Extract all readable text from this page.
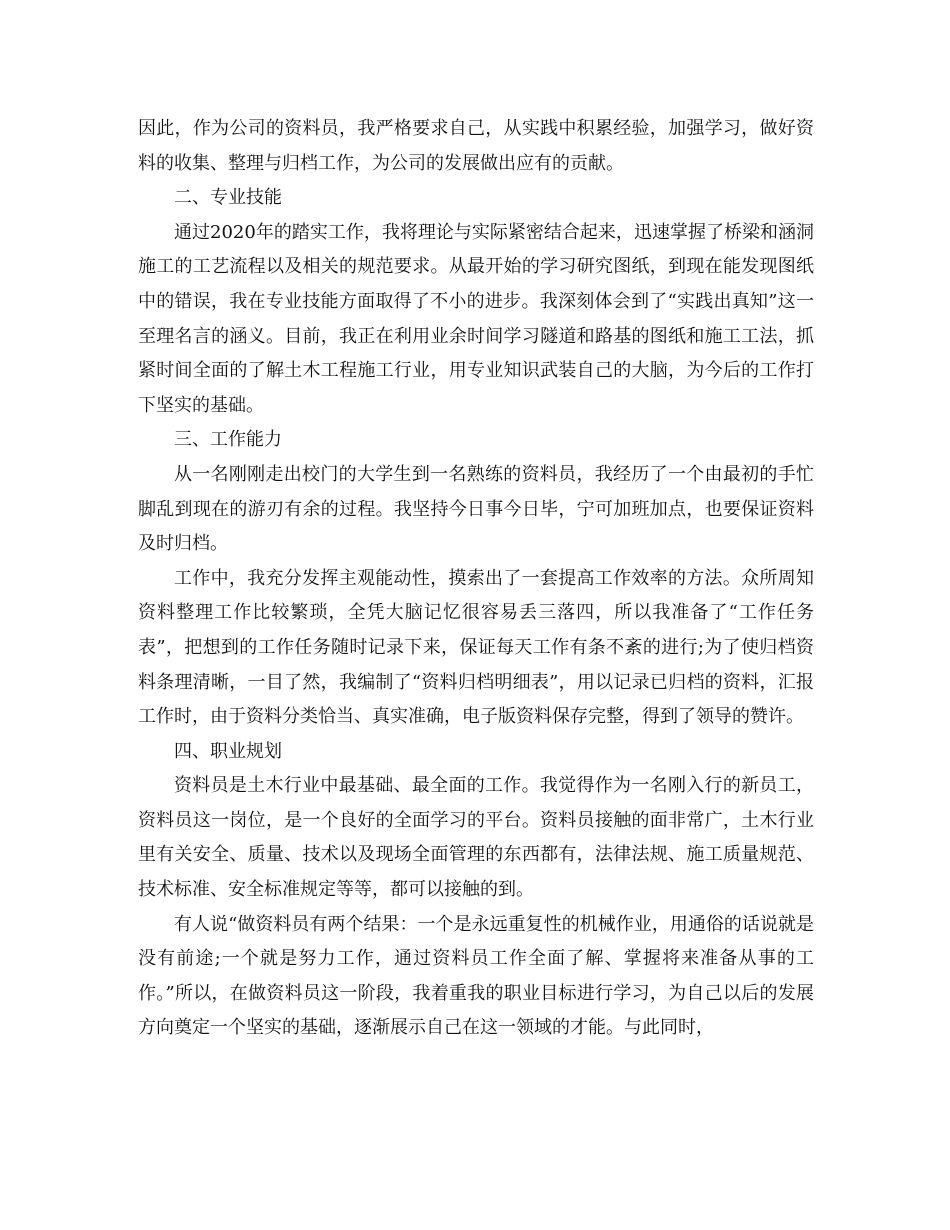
因此，作为公司的资料员，我严格要求自己，从实践中积累经验，加强学习，做好资料的收集、整理与归档工作，为公司的发展做出应有的贡献。

二、专业技能

通过2020年的踏实工作，我将理论与实际紧密结合起来，迅速掌握了桥梁和涵洞施工的工艺流程以及相关的规范要求。从最开始的学习研究图纸，到现在能发现图纸中的错误，我在专业技能方面取得了不小的进步。我深刻体会到了“实践出真知”这一至理名言的涵义。目前，我正在利用业余时间学习隧道和路基的图纸和施工工法，抓紧时间全面的了解土木工程施工行业，用专业知识武装自己的大脑，为今后的工作打下坚实的基础。

三、工作能力

从一名刚刚走出校门的大学生到一名熟练的资料员，我经历了一个由最初的手忙脚乱到现在的游刃有余的过程。我坚持今日事今日毕，宁可加班加点，也要保证资料及时归档。

工作中，我充分发挥主观能动性，摸索出了一套提高工作效率的方法。众所周知资料整理工作比较繁琐，全凭大脑记忆很容易丢三落四，所以我准备了“工作任务表”，把想到的工作任务随时记录下来，保证每天工作有条不紊的进行;为了使归档资料条理清晰，一目了然，我编制了“资料归档明细表”，用以记录已归档的资料，汇报工作时，由于资料分类恰当、真实准确，电子版资料保存完整，得到了领导的赞许。

四、职业规划

资料员是土木行业中最基础、最全面的工作。我觉得作为一名刚入行的新员工，资料员这一岗位，是一个良好的全面学习的平台。资料员接触的面非常广，土木行业里有关安全、质量、技术以及现场全面管理的东西都有，法律法规、施工质量规范、技术标准、安全标准规定等等，都可以接触的到。

有人说“做资料员有两个结果：一个是永远重复性的机械作业，用通俗的话说就是没有前途;一个就是努力工作，通过资料员工作全面了解、掌握将来准备从事的工作。”所以，在做资料员这一阶段，我着重我的职业目标进行学习，为自己以后的发展方向奠定一个坚实的基础，逐渐展示自己在这一领域的才能。与此同时，
